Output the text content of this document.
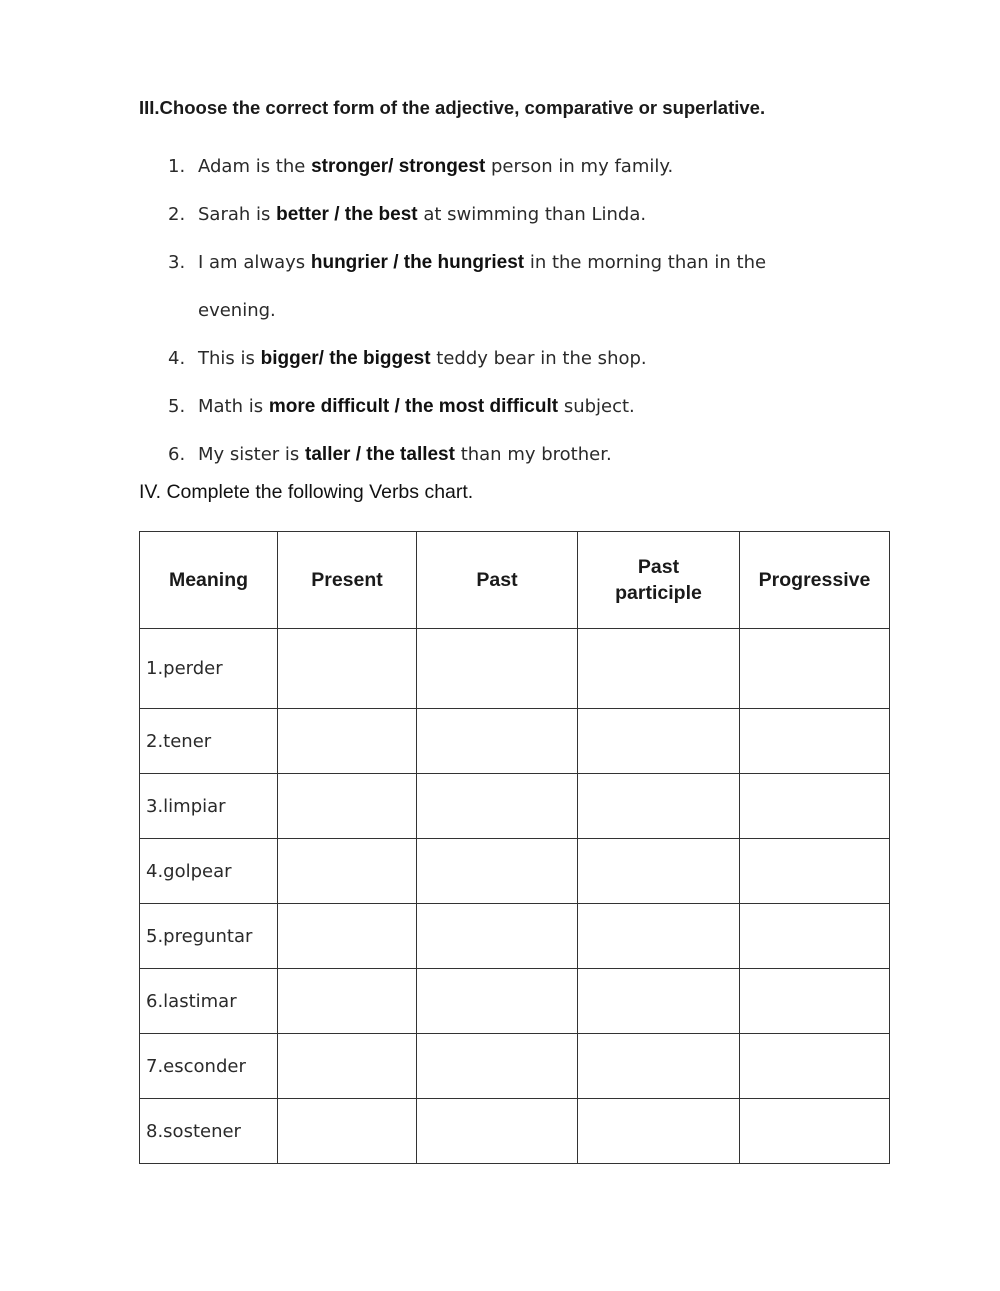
III.Choose the correct form of the adjective, comparative or superlative.
1. Adam is the stronger/ strongest person in my family.
2. Sarah is better / the best at swimming than Linda.
3. I am always hungrier / the hungriest in the morning than in the evening.
4. This is bigger/ the biggest teddy bear in the shop.
5. Math is more difficult / the most difficult subject.
6. My sister is taller / the tallest than my brother.
IV. Complete the following Verbs chart.
Meaning	Present	Past	Past participle	Progressive
1.perder				
2.tener				
3.limpiar				
4.golpear				
5.preguntar				
6.lastimar				
7.esconder				
8.sostener				
